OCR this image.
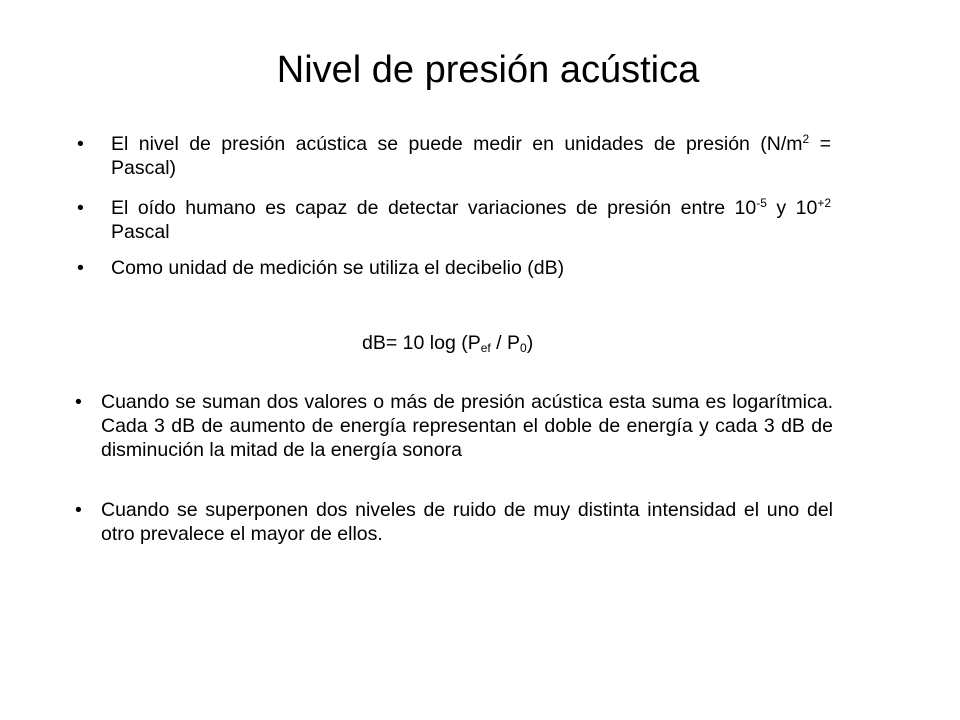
Nivel de presión acústica
• El nivel de presión acústica se puede medir en unidades de presión ($N/m^2$ = Pascal)
• El oído humano es capaz de detectar variaciones de presión entre $10^{-5}$ y $10^{+2}$ Pascal
• Como unidad de medición se utiliza el decibelio (dB)
dB= 10 $\log (P_{ef} / P_0)$
• Cuando se suman dos valores o más de presión acústica esta suma es logarítmica. Cada 3 dB de aumento de energía representan el doble de energía y cada 3 dB de disminución la mitad de la energía sonora
• Cuando se superponen dos niveles de ruido de muy distinta intensidad el uno del otro prevalece el mayor de ellos.
